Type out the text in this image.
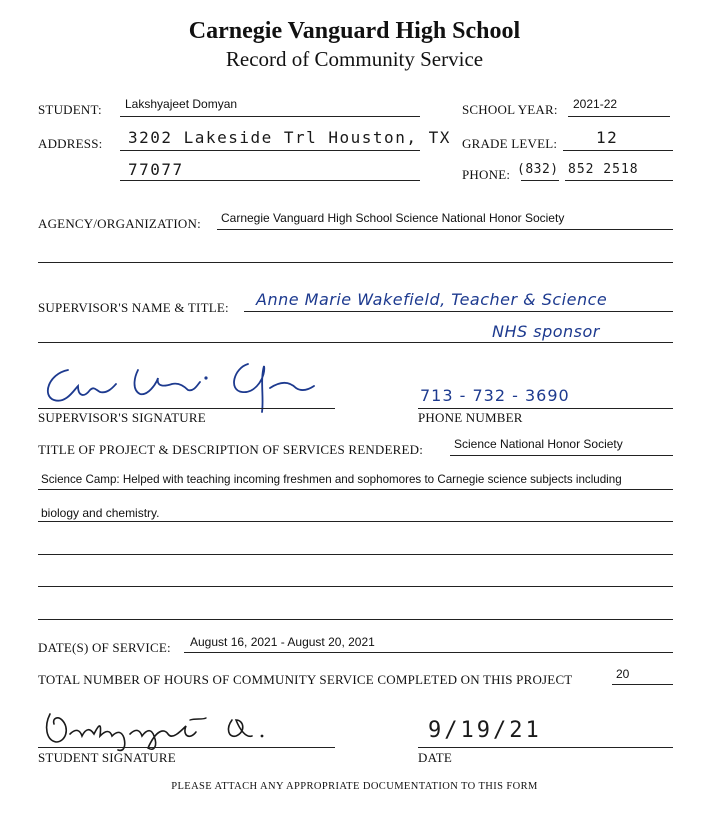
Carnegie Vanguard High School
Record of Community Service
STUDENT: Lakshyajeet Domyan	SCHOOL YEAR: 2021-22
ADDRESS: 3202 Lakeside Trl Houston, TX
77077
GRADE LEVEL: 12
PHONE: (832) 852 2518
AGENCY/ORGANIZATION: Carnegie Vanguard High School Science National Honor Society
SUPERVISOR'S NAME & TITLE: Anne Marie Wakefield, Teacher & Science
NHS sponsor
SUPERVISOR'S SIGNATURE
713 - 732 - 3690
PHONE NUMBER
TITLE OF PROJECT & DESCRIPTION OF SERVICES RENDERED:	Science National Honor Society
Science Camp: Helped with teaching incoming freshmen and sophomores to Carnegie science subjects including
biology and chemistry.
DATE(S) OF SERVICE: August 16, 2021 - August 20, 2021
TOTAL NUMBER OF HOURS OF COMMUNITY SERVICE COMPLETED ON THIS PROJECT	20
STUDENT SIGNATURE
9/19/21
DATE
PLEASE ATTACH ANY APPROPRIATE DOCUMENTATION TO THIS FORM
